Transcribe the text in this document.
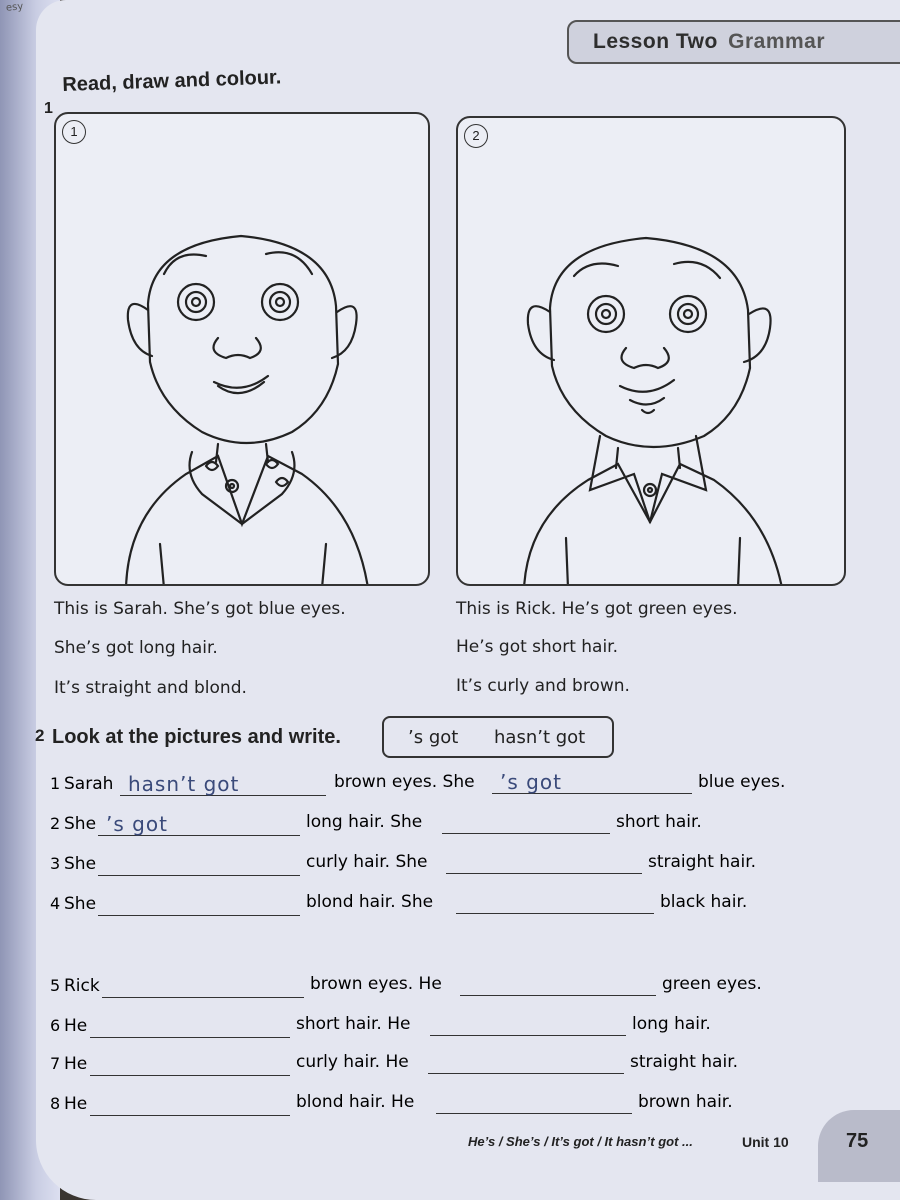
esy
Lesson Two Grammar
1
Read, draw and colour.
1	2
This is Sarah. She’s got blue eyes.
She’s got long hair.
It’s straight and blond.
This is Rick. He’s got green eyes.
He’s got short hair.
It’s curly and brown.
2 Look at the pictures and write.	’s got hasn’t got
1 Sarah hasn’t got	brown eyes. She	’s got	blue eyes.
2 She ’s got	long hair. She	short hair.
3 She	curly hair. She	straight hair.
4 She	blond hair. She	black hair.
5 Rick	brown eyes. He	green eyes.
6 He	short hair. He	long hair.
7 He	curly hair. He	straight hair.
8 He	blond hair. He	brown hair.
He’s / She’s / It’s got / It hasn’t got ...	Unit 10	75
